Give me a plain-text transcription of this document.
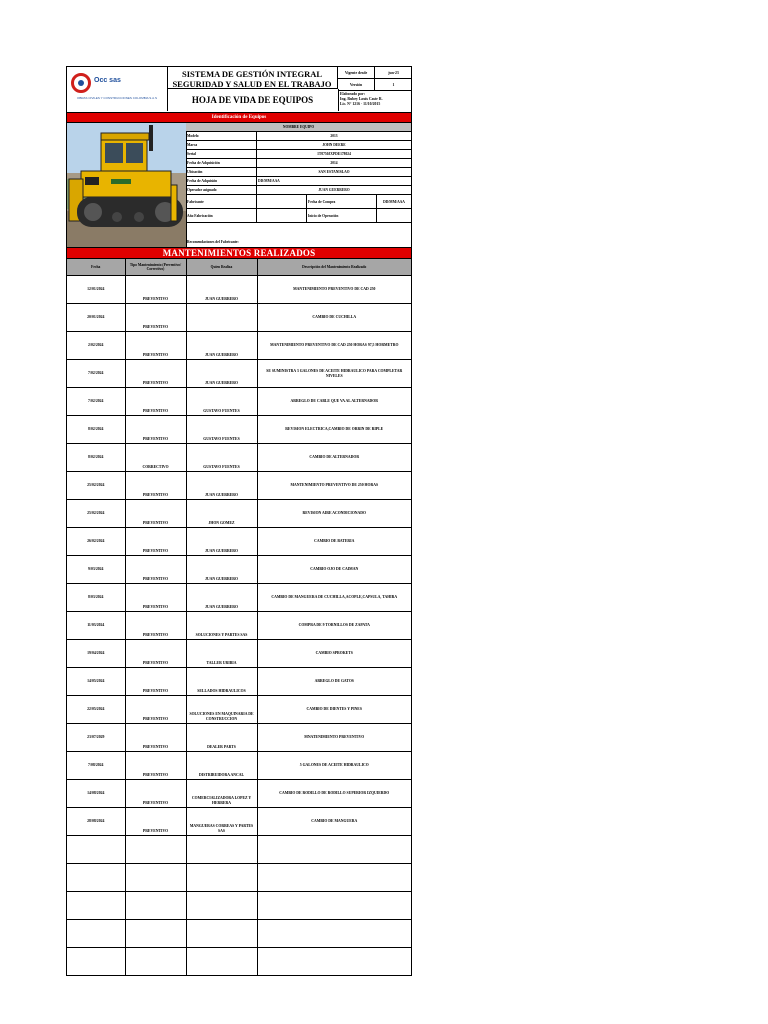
Occ sas
OBRAS CIVILES Y CONSTRUCCIONES COLOMBIA S.A.S
SISTEMA DE GESTIÓN INTEGRAL
SEGURIDAD Y SALUD EN EL TRABAJO
HOJA DE VIDA DE EQUIPOS
Vigente desde	jun-23
Versión	1
Elaborado por:
Ing. Rubey Louis Castr R.
Lic. N° 1216 - 11/10/2015
Identificación de Equipos
NOMBRE EQUIPO
Modelo	2013
Marca	JOHN DEERE
Serial	1T0750JXPDE178024
Fecha de Adquisición	2014
Ubicación	SAN ESTANISLAO
Fecha de Adquisión	DD/MM/AAA
Operador asignado	JUAN GUERRERO
Fabricante	Fecha de Compra	DD/MM/AAA
Año Fabricación	Inicio de Operación
Recomendaciones del Fabricante:
MANTENIMIENTOS REALIZADOS
Fecha	Tipo Mantenimiento (Preventivo/ Correctivo)	Quien Realiza	Descripción del Mantenimiento Realizado
12/01/2024	PREVENTIVO	JUAN GUERRERO	MANTENIMIENTO PREVENTIVO DE CAD 250
20/01/2024	PREVENTIVO		CAMBIO DE CUCHILLA
2/02/2024	PREVENTIVO	JUAN GUERRERO	MANTENIMIENTO PREVENTIVO DE CAD 250 HORAS 97,5 HORMETRO
7/02/2024	PREVENTIVO	JUAN GUERRERO	SE SUMINISTRA 3 GALONES DE ACEITE HIDRAULICO PARA COMPLETAR NIVELES
7/02/2024	PREVENTIVO	GUSTAVO FUENTES	ARREGLO DE CABLE QUE VA AL ALTERNADOR
8/02/2024	PREVENTIVO	GUSTAVO FUENTES	REVISION ELECTRICA,CAMBIO DE ORRIN DE RIPLE
8/02/2024	CORRECTIVO	GUSTAVO FUENTES	CAMBIO DE ALTERNADOR
25/02/2024	PREVENTIVO	JUAN GUERRERO	MANTENIMIENTO PREVENTIVO DE 250 HORAS
25/02/2024	PREVENTIVO	JHON GOMEZ	REVISION AIRE ACONDICIONADO
26/02/2024	PREVENTIVO	JUAN GUERRERO	CAMBIO DE BATERIA
9/03/2024	PREVENTIVO	JUAN GUERRERO	CAMBIO OJO DE CAIMAN
8/03/2024	PREVENTIVO	JUAN GUERRERO	CAMBIO DE MANGUERA DE CUCHILLA,ACOPLE,CAPSULA, TAHIRA
11/03/2024	PREVENTIVO	SOLUCIONES Y PARTES SAS	COMPRA DE 9 TORNILLOS DE ZAPATA
19/04/2024	PREVENTIVO	TALLER URIBIA	CAMBIO SPROKETS
14/05/2024	PREVENTIVO	SELLADOS HIDRAULICOS	ARREGLO DE GATOS
22/05/2024	PREVENTIVO	SOLUCIONES EN MAQUINARIA DE CONSTRUCCION	CAMBIO DE DIENTES Y PINES
23/07/2029	PREVENTIVO	DEALER PARTS	MNATENIMIENTO PREVENTIVO
7/08/2024	PREVENTIVO	DISTRIBUIDORA ANCAL	5 GALONES DE ACEITE HIDRAULICO
14/08/2024	PREVENTIVO	COMERCIALIZADORA LOPEZ Y HERRERA	CAMBIO DE RODILLO DE RODILLO SUPERIOR IZQUIERDO
28/08/2024	PREVENTIVO	MANGUERAS CORREAS Y PARTES SAS	CAMBIO DE MANGUERA
